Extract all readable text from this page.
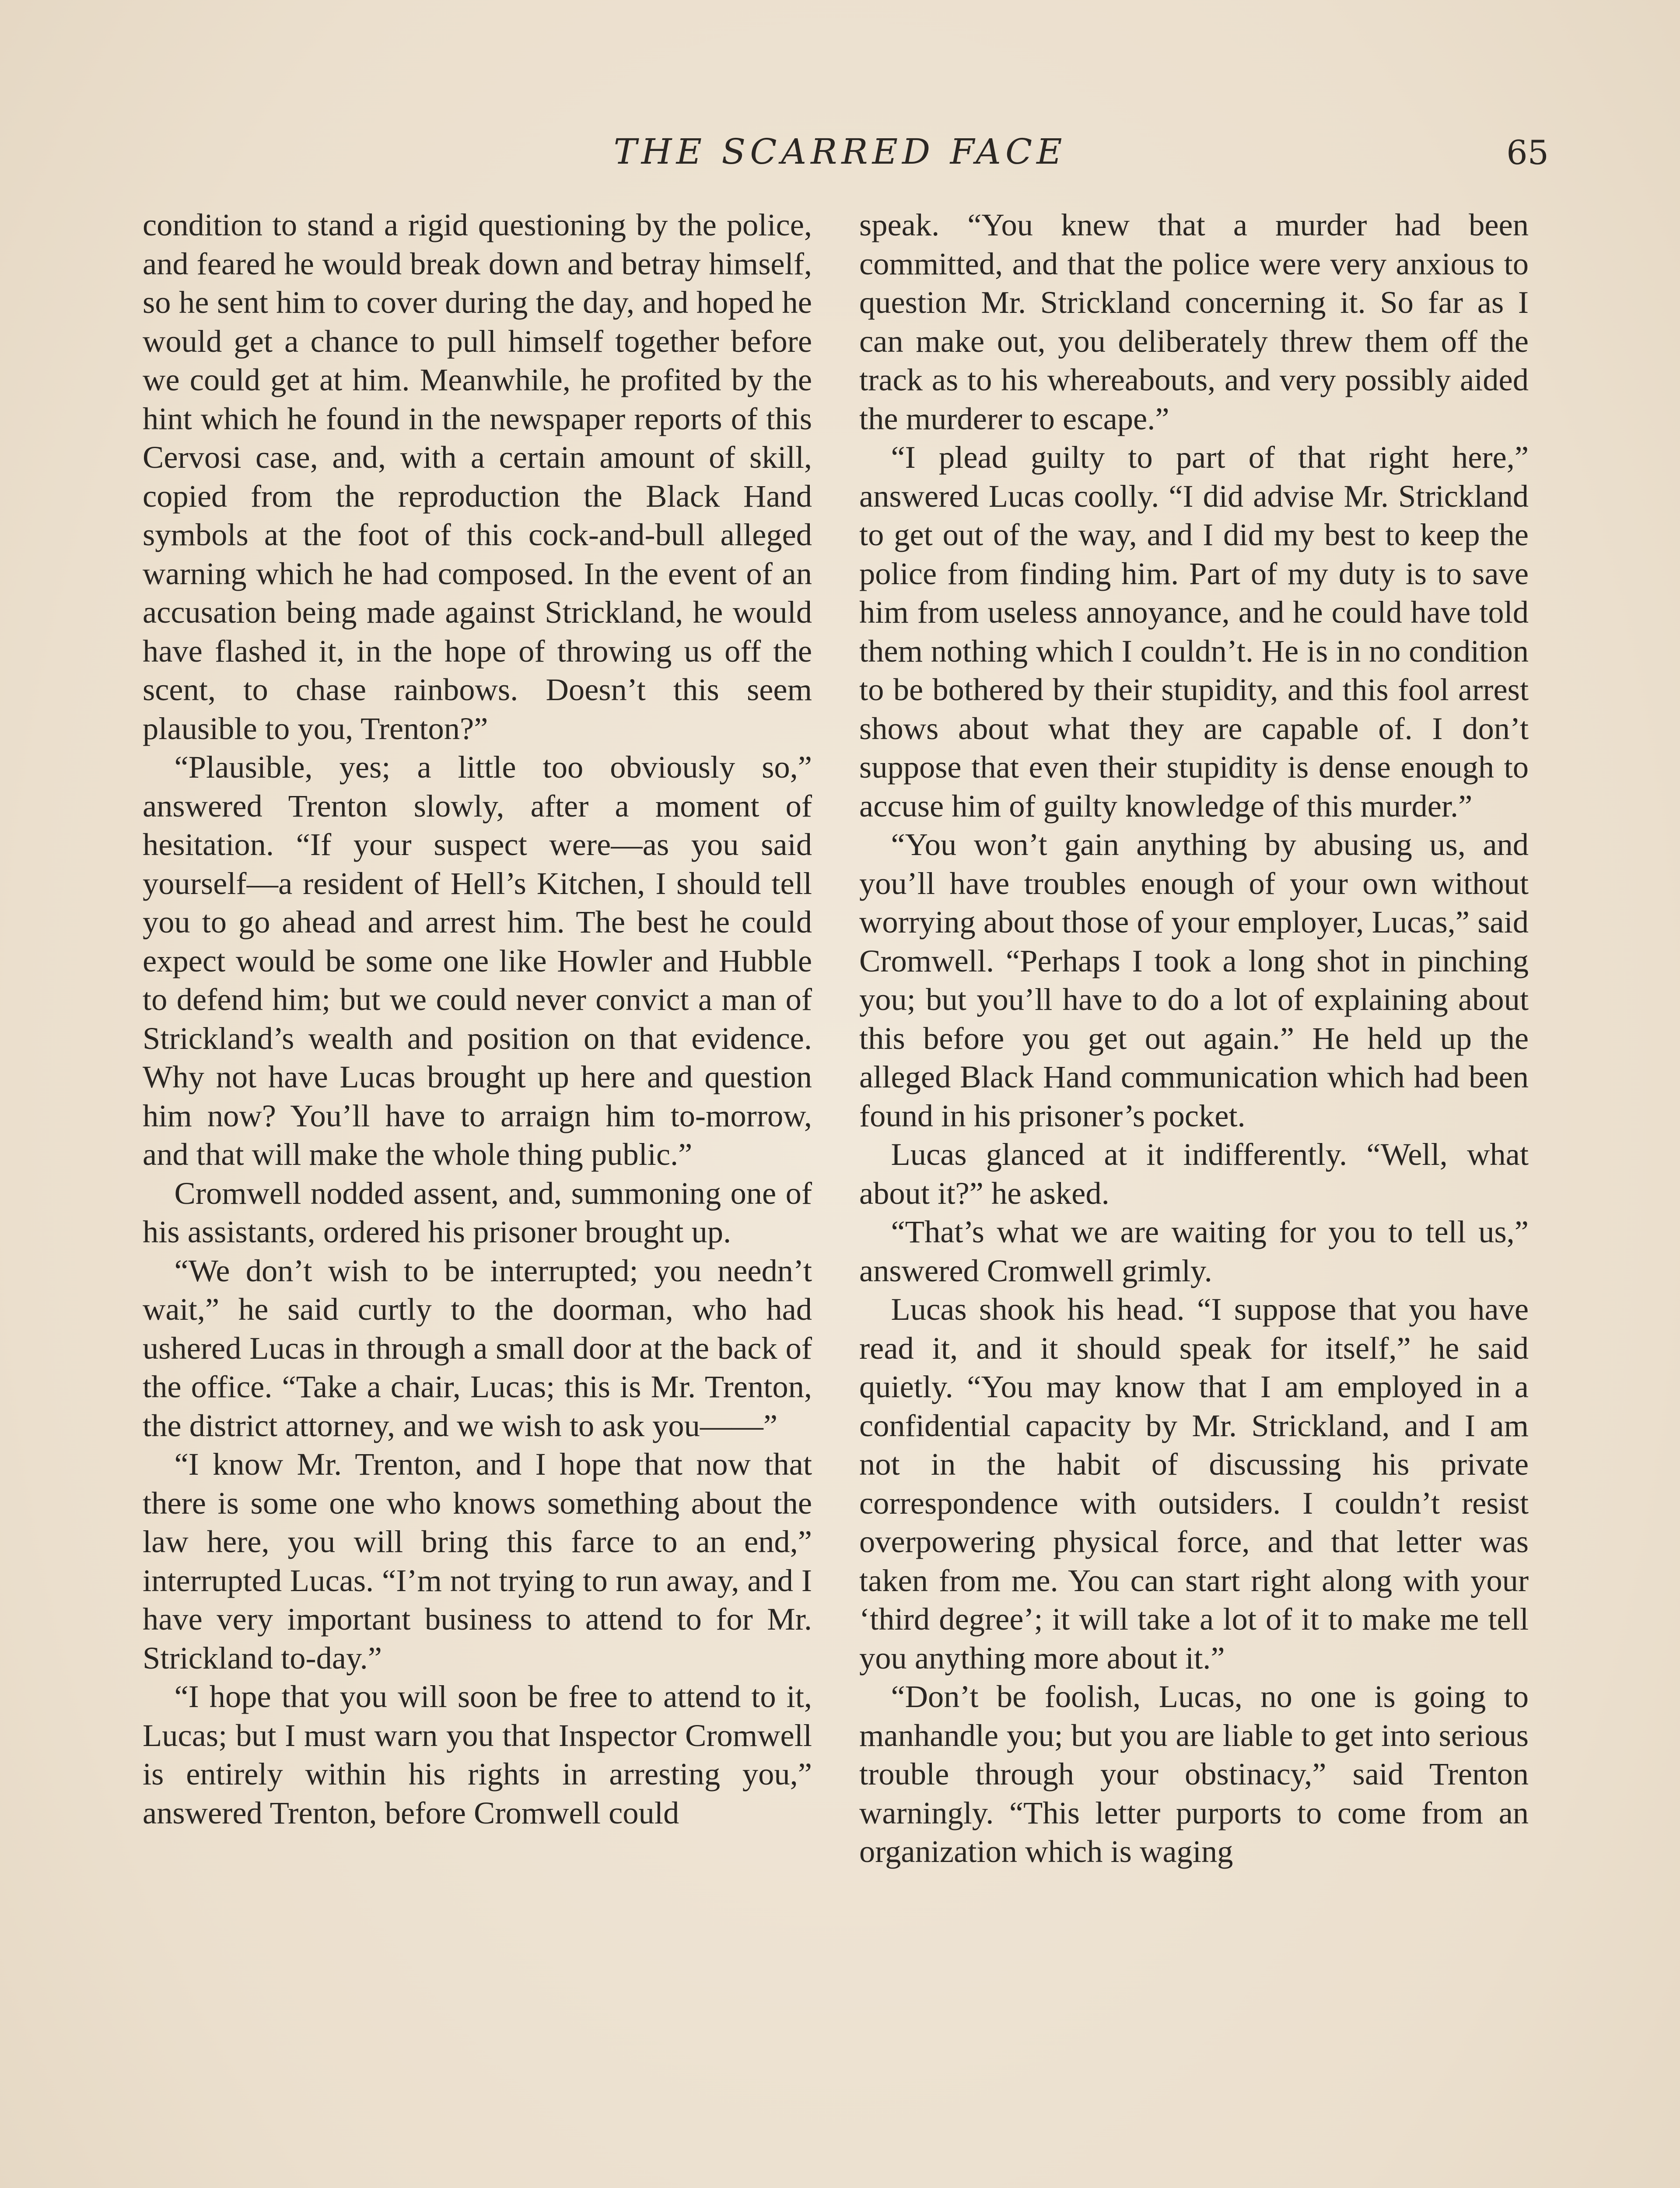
THE SCARRED FACE	65

condition to stand a rigid questioning by the police, and feared he would break down and betray himself, so he sent him to cover during the day, and hoped he would get a chance to pull himself together before we could get at him. Meanwhile, he profited by the hint which he found in the newspaper reports of this Cervosi case, and, with a certain amount of skill, copied from the reproduction the Black Hand symbols at the foot of this cock-and-bull alleged warning which he had composed. In the event of an accusation being made against Strickland, he would have flashed it, in the hope of throwing us off the scent, to chase rainbows. Doesn’t this seem plausible to you, Trenton?”

“Plausible, yes; a little too obviously so,” answered Trenton slowly, after a moment of hesitation. “If your suspect were—as you said yourself—a resident of Hell’s Kitchen, I should tell you to go ahead and arrest him. The best he could expect would be some one like Howler and Hubble to defend him; but we could never convict a man of Strickland’s wealth and position on that evidence. Why not have Lucas brought up here and question him now? You’ll have to arraign him to-morrow, and that will make the whole thing public.”

Cromwell nodded assent, and, summoning one of his assistants, ordered his prisoner brought up.

“We don’t wish to be interrupted; you needn’t wait,” he said curtly to the doorman, who had ushered Lucas in through a small door at the back of the office. “Take a chair, Lucas; this is Mr. Trenton, the district attorney, and we wish to ask you——”

“I know Mr. Trenton, and I hope that now that there is some one who knows something about the law here, you will bring this farce to an end,” interrupted Lucas. “I’m not trying to run away, and I have very important business to attend to for Mr. Strickland to-day.”

“I hope that you will soon be free to attend to it, Lucas; but I must warn you that Inspector Cromwell is entirely within his rights in arresting you,” answered Trenton, before Cromwell could

speak. “You knew that a murder had been committed, and that the police were very anxious to question Mr. Strickland concerning it. So far as I can make out, you deliberately threw them off the track as to his whereabouts, and very possibly aided the murderer to escape.”

“I plead guilty to part of that right here,” answered Lucas coolly. “I did advise Mr. Strickland to get out of the way, and I did my best to keep the police from finding him. Part of my duty is to save him from useless annoyance, and he could have told them nothing which I couldn’t. He is in no condition to be bothered by their stupidity, and this fool arrest shows about what they are capable of. I don’t suppose that even their stupidity is dense enough to accuse him of guilty knowledge of this murder.”

“You won’t gain anything by abusing us, and you’ll have troubles enough of your own without worrying about those of your employer, Lucas,” said Cromwell. “Perhaps I took a long shot in pinching you; but you’ll have to do a lot of explaining about this before you get out again.” He held up the alleged Black Hand communication which had been found in his prisoner’s pocket.

Lucas glanced at it indifferently. “Well, what about it?” he asked.

“That’s what we are waiting for you to tell us,” answered Cromwell grimly.

Lucas shook his head. “I suppose that you have read it, and it should speak for itself,” he said quietly. “You may know that I am employed in a confidential capacity by Mr. Strickland, and I am not in the habit of discussing his private correspondence with outsiders. I couldn’t resist overpowering physical force, and that letter was taken from me. You can start right along with your ‘third degree’; it will take a lot of it to make me tell you anything more about it.”

“Don’t be foolish, Lucas, no one is going to manhandle you; but you are liable to get into serious trouble through your obstinacy,” said Trenton warningly. “This letter purports to come from an organization which is waging
